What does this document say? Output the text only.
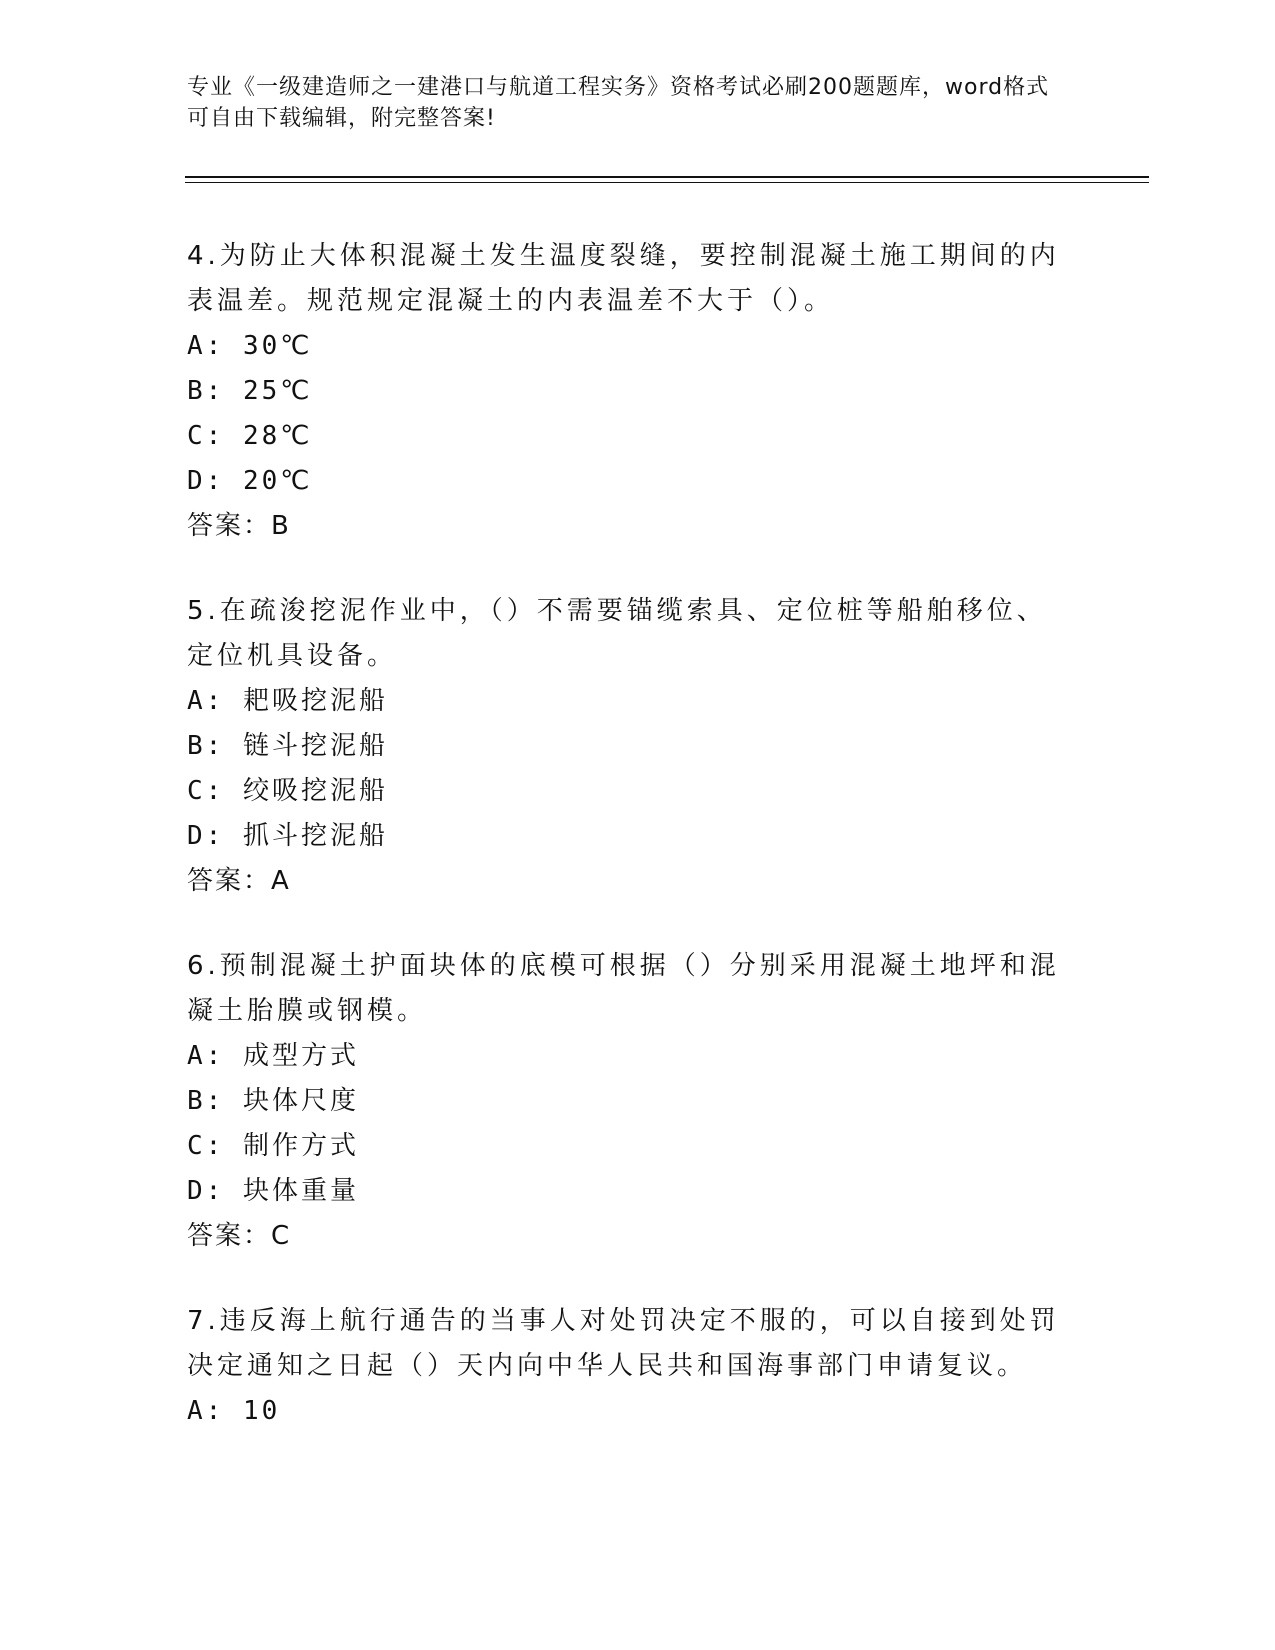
专业《一级建造师之一建港口与航道工程实务》资格考试必刷200题题库，word格式可自由下载编辑，附完整答案!

4.为防止大体积混凝土发生温度裂缝，要控制混凝土施工期间的内表温差。规范规定混凝土的内表温差不大于（）。

A: 30℃

B: 25℃

C: 28℃

D: 20℃

答案：B

5.在疏浚挖泥作业中，（）不需要锚缆索具、定位桩等船舶移位、定位机具设备。

A: 耙吸挖泥船

B: 链斗挖泥船

C: 绞吸挖泥船

D: 抓斗挖泥船

答案：A

6.预制混凝土护面块体的底模可根据（）分别采用混凝土地坪和混凝土胎膜或钢模。

A: 成型方式

B: 块体尺度

C: 制作方式

D: 块体重量

答案：C

7.违反海上航行通告的当事人对处罚决定不服的，可以自接到处罚决定通知之日起（）天内向中华人民共和国海事部门申请复议。

A: 10
